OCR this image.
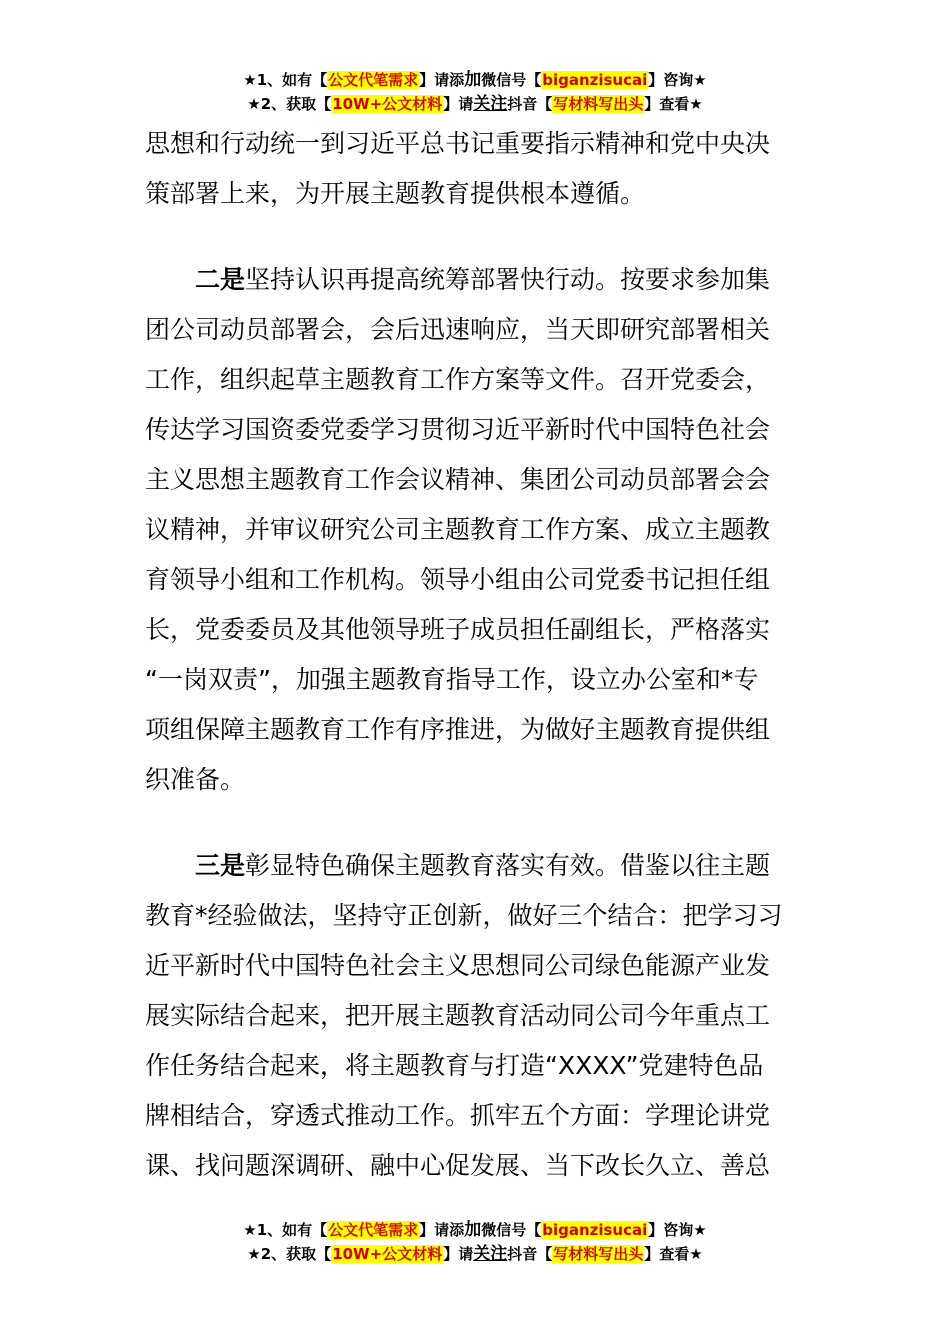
★1、如有【公文代笔需求】请添加微信号【biganzisucai】咨询★
★2、获取【10W+公文材料】请关注抖音【写材料写出头】查看★
思想和行动统一到习近平总书记重要指示精神和党中央决
策部署上来，为开展主题教育提供根本遵循。
二是坚持认识再提高统筹部署快行动。按要求参加集
团公司动员部署会，会后迅速响应，当天即研究部署相关
工作，组织起草主题教育工作方案等文件。召开党委会，
传达学习国资委党委学习贯彻习近平新时代中国特色社会
主义思想主题教育工作会议精神、集团公司动员部署会会
议精神，并审议研究公司主题教育工作方案、成立主题教
育领导小组和工作机构。领导小组由公司党委书记担任组
长，党委委员及其他领导班子成员担任副组长，严格落实
“一岗双责”，加强主题教育指导工作，设立办公室和*专
项组保障主题教育工作有序推进，为做好主题教育提供组
织准备。
三是彰显特色确保主题教育落实有效。借鉴以往主题
教育*经验做法，坚持守正创新，做好三个结合：把学习习
近平新时代中国特色社会主义思想同公司绿色能源产业发
展实际结合起来，把开展主题教育活动同公司今年重点工
作任务结合起来，将主题教育与打造“XXXX”党建特色品
牌相结合，穿透式推动工作。抓牢五个方面：学理论讲党
课、找问题深调研、融中心促发展、当下改长久立、善总
★1、如有【公文代笔需求】请添加微信号【biganzisucai】咨询★
★2、获取【10W+公文材料】请关注抖音【写材料写出头】查看★
